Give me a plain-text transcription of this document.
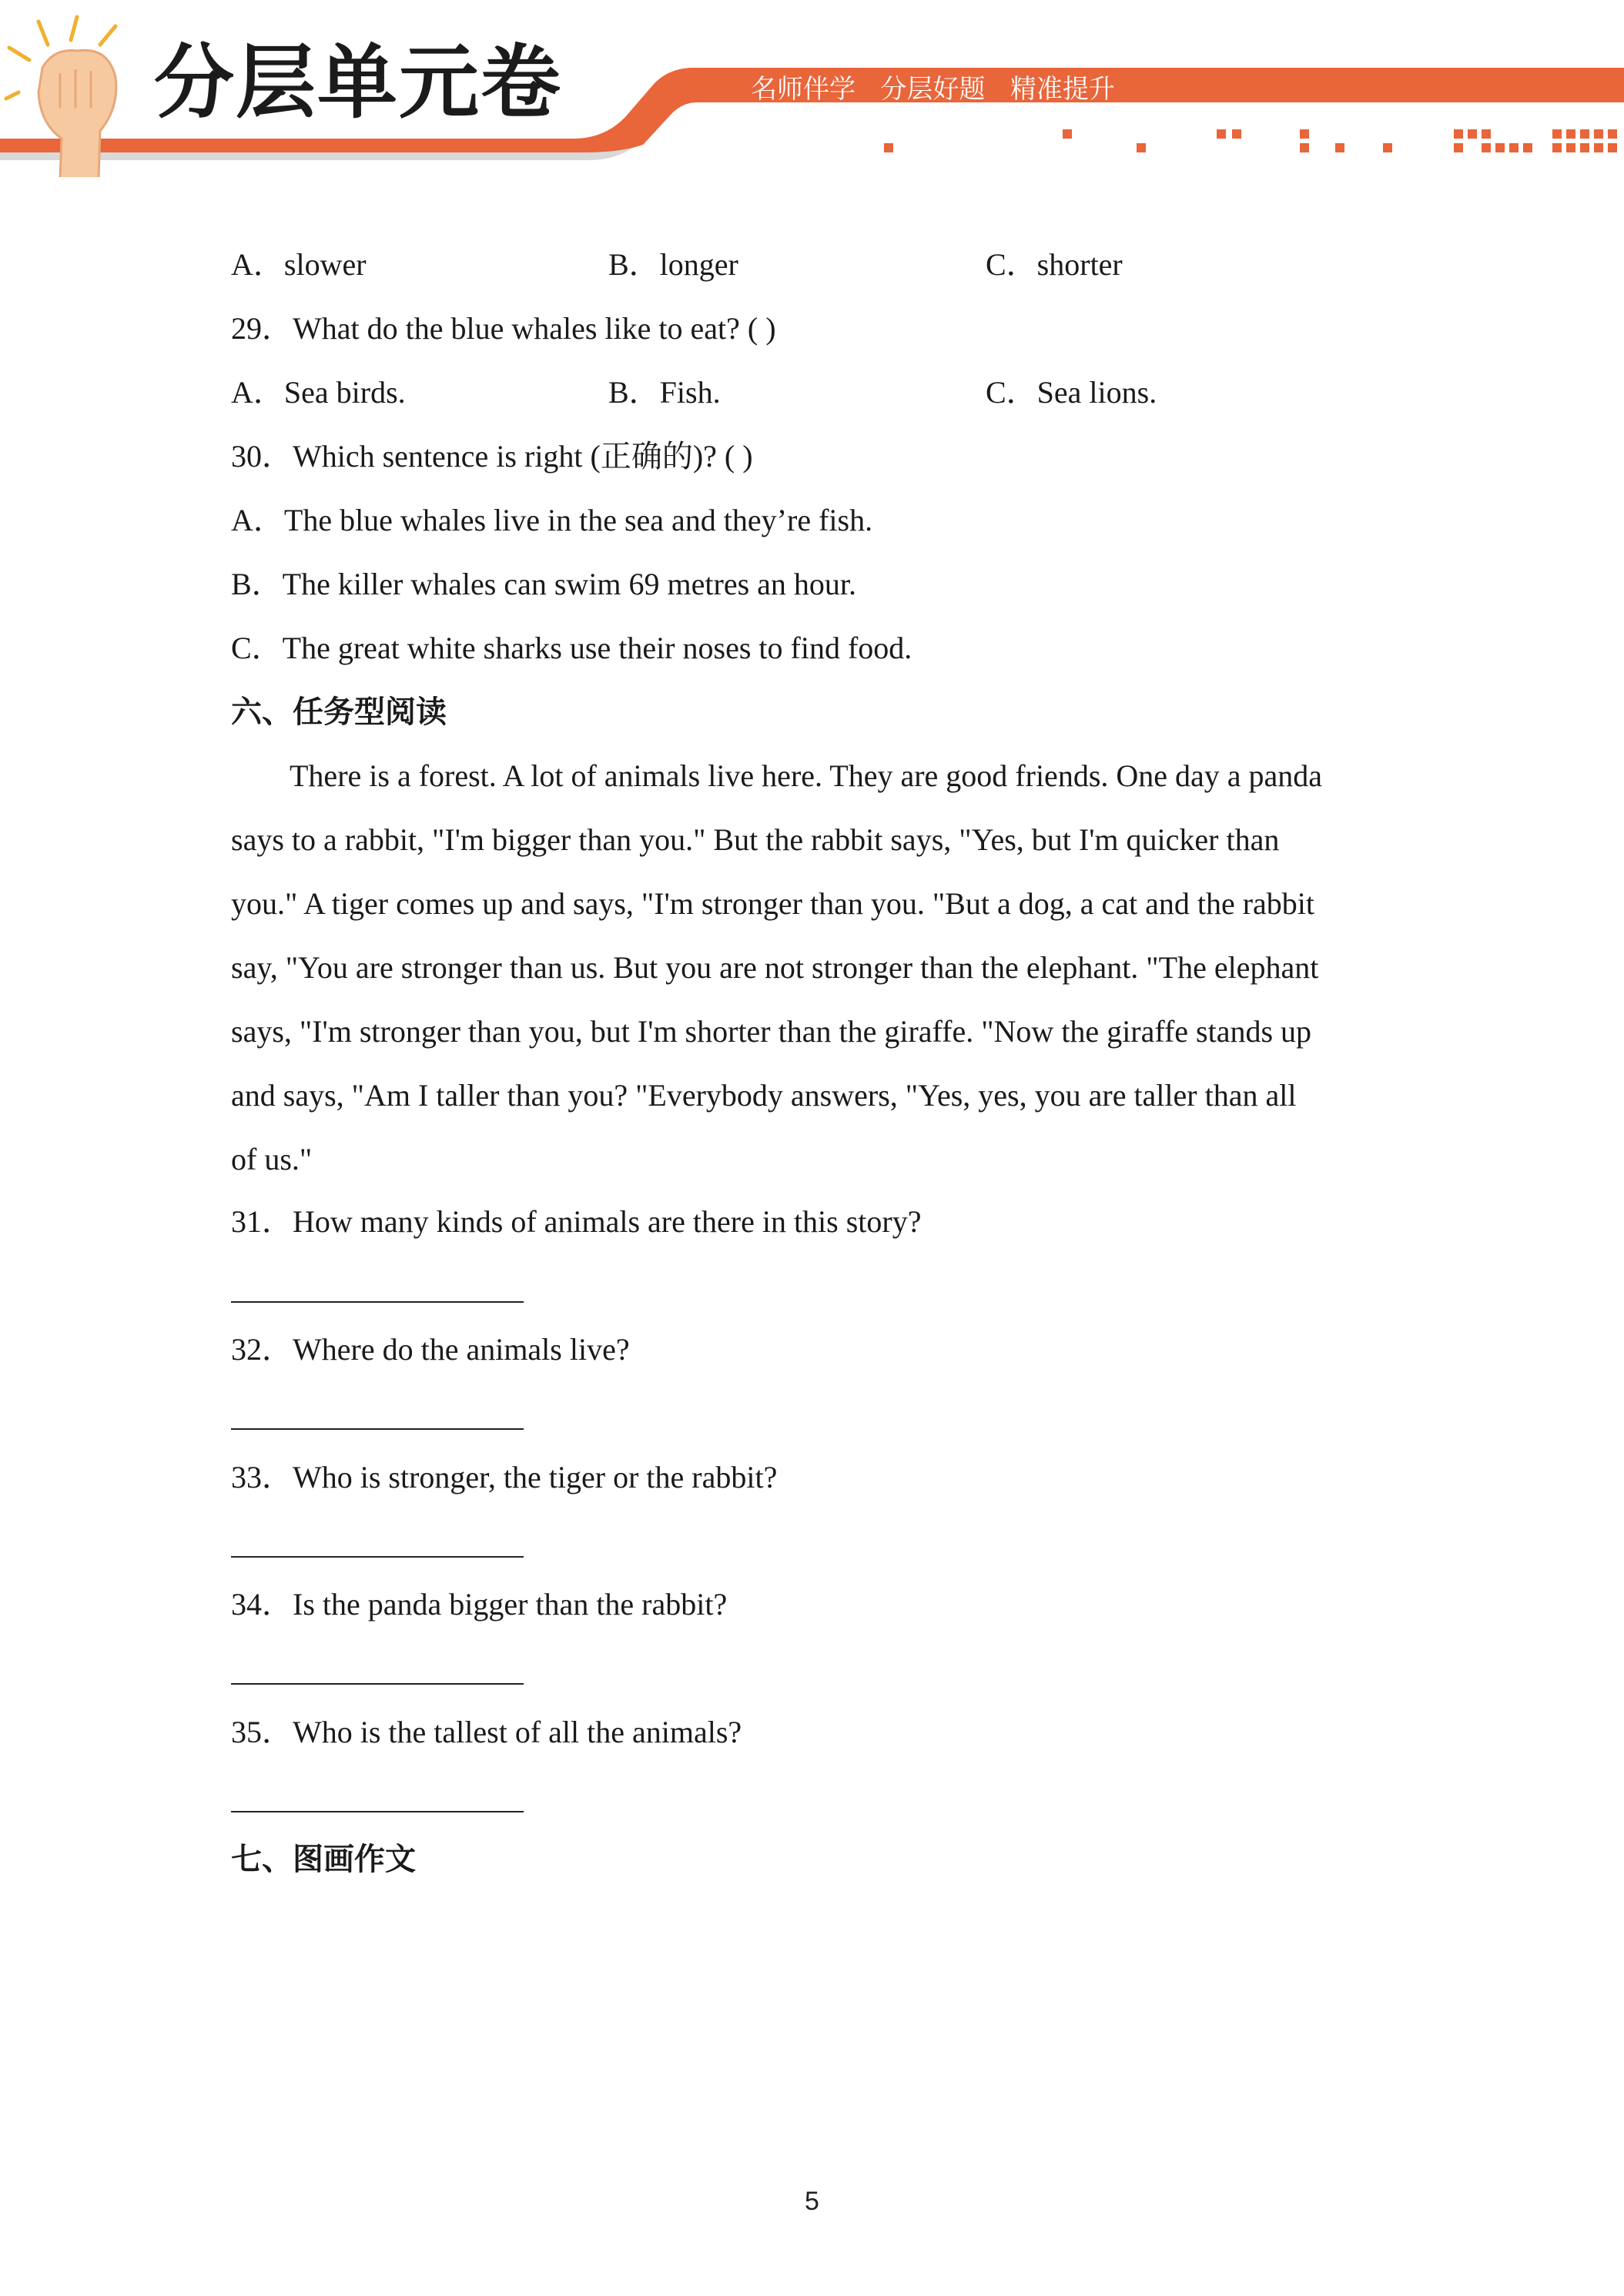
分层单元卷	名师伴学   分层好题   精准提升
A．slower	B．longer	C．shorter
29．What do the blue whales like to eat? ( )
A．Sea birds.	B．Fish.	C．Sea lions.
30．Which sentence is right (正确的)? ( )
A．The blue whales live in the sea and they’re fish.
B．The killer whales can swim 69 metres an hour.
C．The great white sharks use their noses to find food.
六、任务型阅读
There is a forest. A lot of animals live here. They are good friends. One day a panda
says to a rabbit, "I'm bigger than you." But the rabbit says, "Yes, but I'm quicker than
you." A tiger comes up and says, "I'm stronger than you. "But a dog, a cat and the rabbit
say, "You are stronger than us. But you are not stronger than the elephant. "The elephant
says, "I'm stronger than you, but I'm shorter than the giraffe. "Now the giraffe stands up
and says, "Am I taller than you? "Everybody answers, "Yes, yes, you are taller than all
of us."
31．How many kinds of animals are there in this story?
32．Where do the animals live?
33．Who is stronger, the tiger or the rabbit?
34．Is the panda bigger than the rabbit?
35．Who is the tallest of all the animals?
七、图画作文
5
